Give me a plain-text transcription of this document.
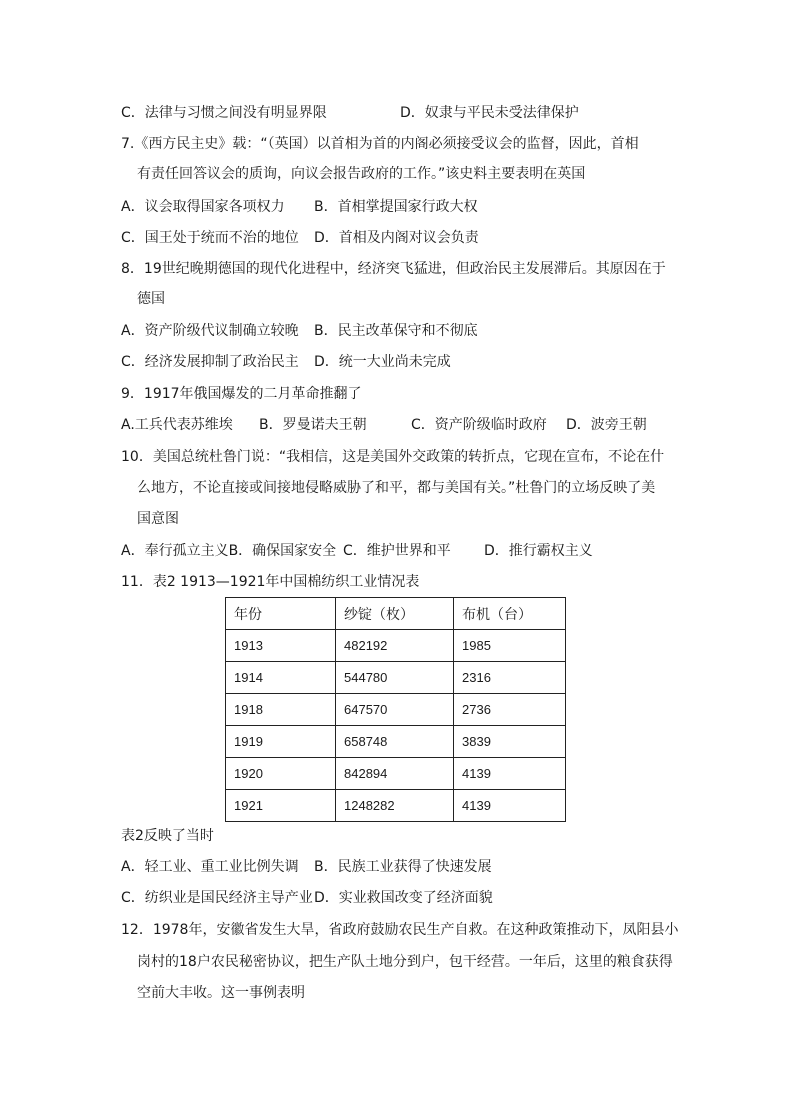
C．法律与习惯之间没有明显界限	D．奴隶与平民未受法律保护
7.《西方民主史》载：“（英国）以首相为首的内阁必须接受议会的监督，因此，首相
有责任回答议会的质询，向议会报告政府的工作。”该史料主要表明在英国
A．议会取得国家各项权力 B．首相掌提国家行政大权
C．国王处于统而不治的地位 D．首相及内阁对议会负责
8．19世纪晚期德国的现代化进程中，经济突飞猛进，但政治民主发展滞后。其原因在于
德国
A．资产阶级代议制确立较晚 B．民主改革保守和不彻底
C．经济发展抑制了政治民主 D．统一大业尚未完成
9．1917年俄国爆发的二月革命推翻了
A.工兵代表苏维埃 B．罗曼诺夫王朝	C．资产阶级临时政府 D．波旁王朝
10．美国总统杜鲁门说：“我相信，这是美国外交政策的转折点，它现在宣布，不论在什
么地方，不论直接或间接地侵略威胁了和平，都与美国有关。”杜鲁门的立场反映了美
国意图
A．奉行孤立主义B．确保国家安全 C．维护世界和平 D．推行霸权主义
11．表2 1913—1921年中国棉纺织工业情况表
年份	纱锭（枚）	布机（台）
1913	482192	1985
1914	544780	2316
1918	647570	2736
1919	658748	3839
1920	842894	4139
1921	1248282	4139
表2反映了当时
A．轻工业、重工业比例失调 B．民族工业获得了快速发展
C．纺织业是国民经济主导产业 D．实业救国改变了经济面貌
12．1978年，安徽省发生大旱，省政府鼓励农民生产自救。在这种政策推动下，凤阳县小
岗村的18户农民秘密协议，把生产队土地分到户，包干经营。一年后，这里的粮食获得
空前大丰收。这一事例表明
